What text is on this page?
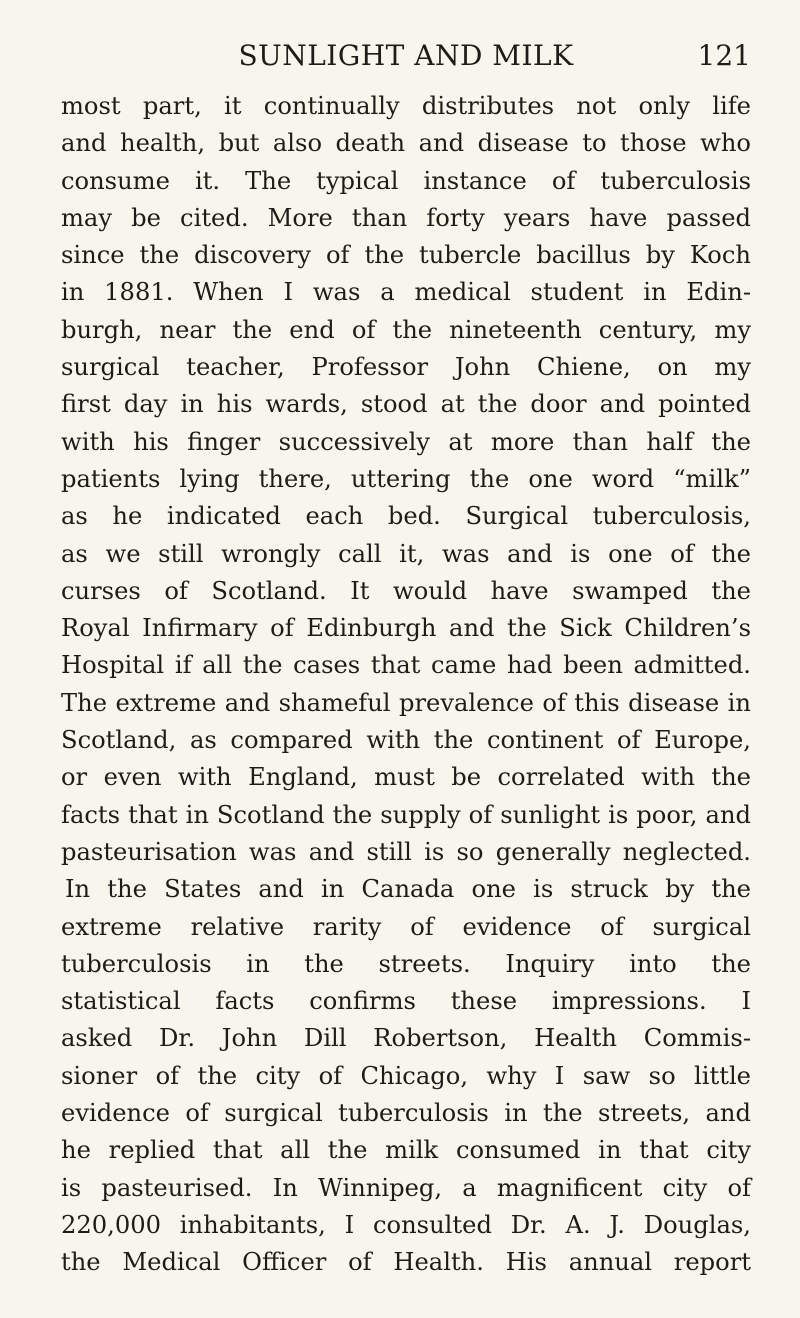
SUNLIGHT AND MILK	121
most part, it continually distributes not only life
and health, but also death and disease to those who
consume it. The typical instance of tuberculosis
may be cited. More than forty years have passed
since the discovery of the tubercle bacillus by Koch
in 1881. When I was a medical student in Edin-
burgh, near the end of the nineteenth century, my
surgical teacher, Professor John Chiene, on my
first day in his wards, stood at the door and pointed
with his finger successively at more than half the
patients lying there, uttering the one word “milk”
as he indicated each bed. Surgical tuberculosis,
as we still wrongly call it, was and is one of the
curses of Scotland. It would have swamped the
Royal Infirmary of Edinburgh and the Sick Children’s
Hospital if all the cases that came had been admitted.
The extreme and shameful prevalence of this disease in
Scotland, as compared with the continent of Europe,
or even with England, must be correlated with the
facts that in Scotland the supply of sunlight is poor, and
pasteurisation was and still is so generally neglected.
In the States and in Canada one is struck by the
extreme relative rarity of evidence of surgical
tuberculosis in the streets. Inquiry into the
statistical facts confirms these impressions. I
asked Dr. John Dill Robertson, Health Commis-
sioner of the city of Chicago, why I saw so little
evidence of surgical tuberculosis in the streets, and
he replied that all the milk consumed in that city
is pasteurised. In Winnipeg, a magnificent city of
220,000 inhabitants, I consulted Dr. A. J. Douglas,
the Medical Officer of Health. His annual report
